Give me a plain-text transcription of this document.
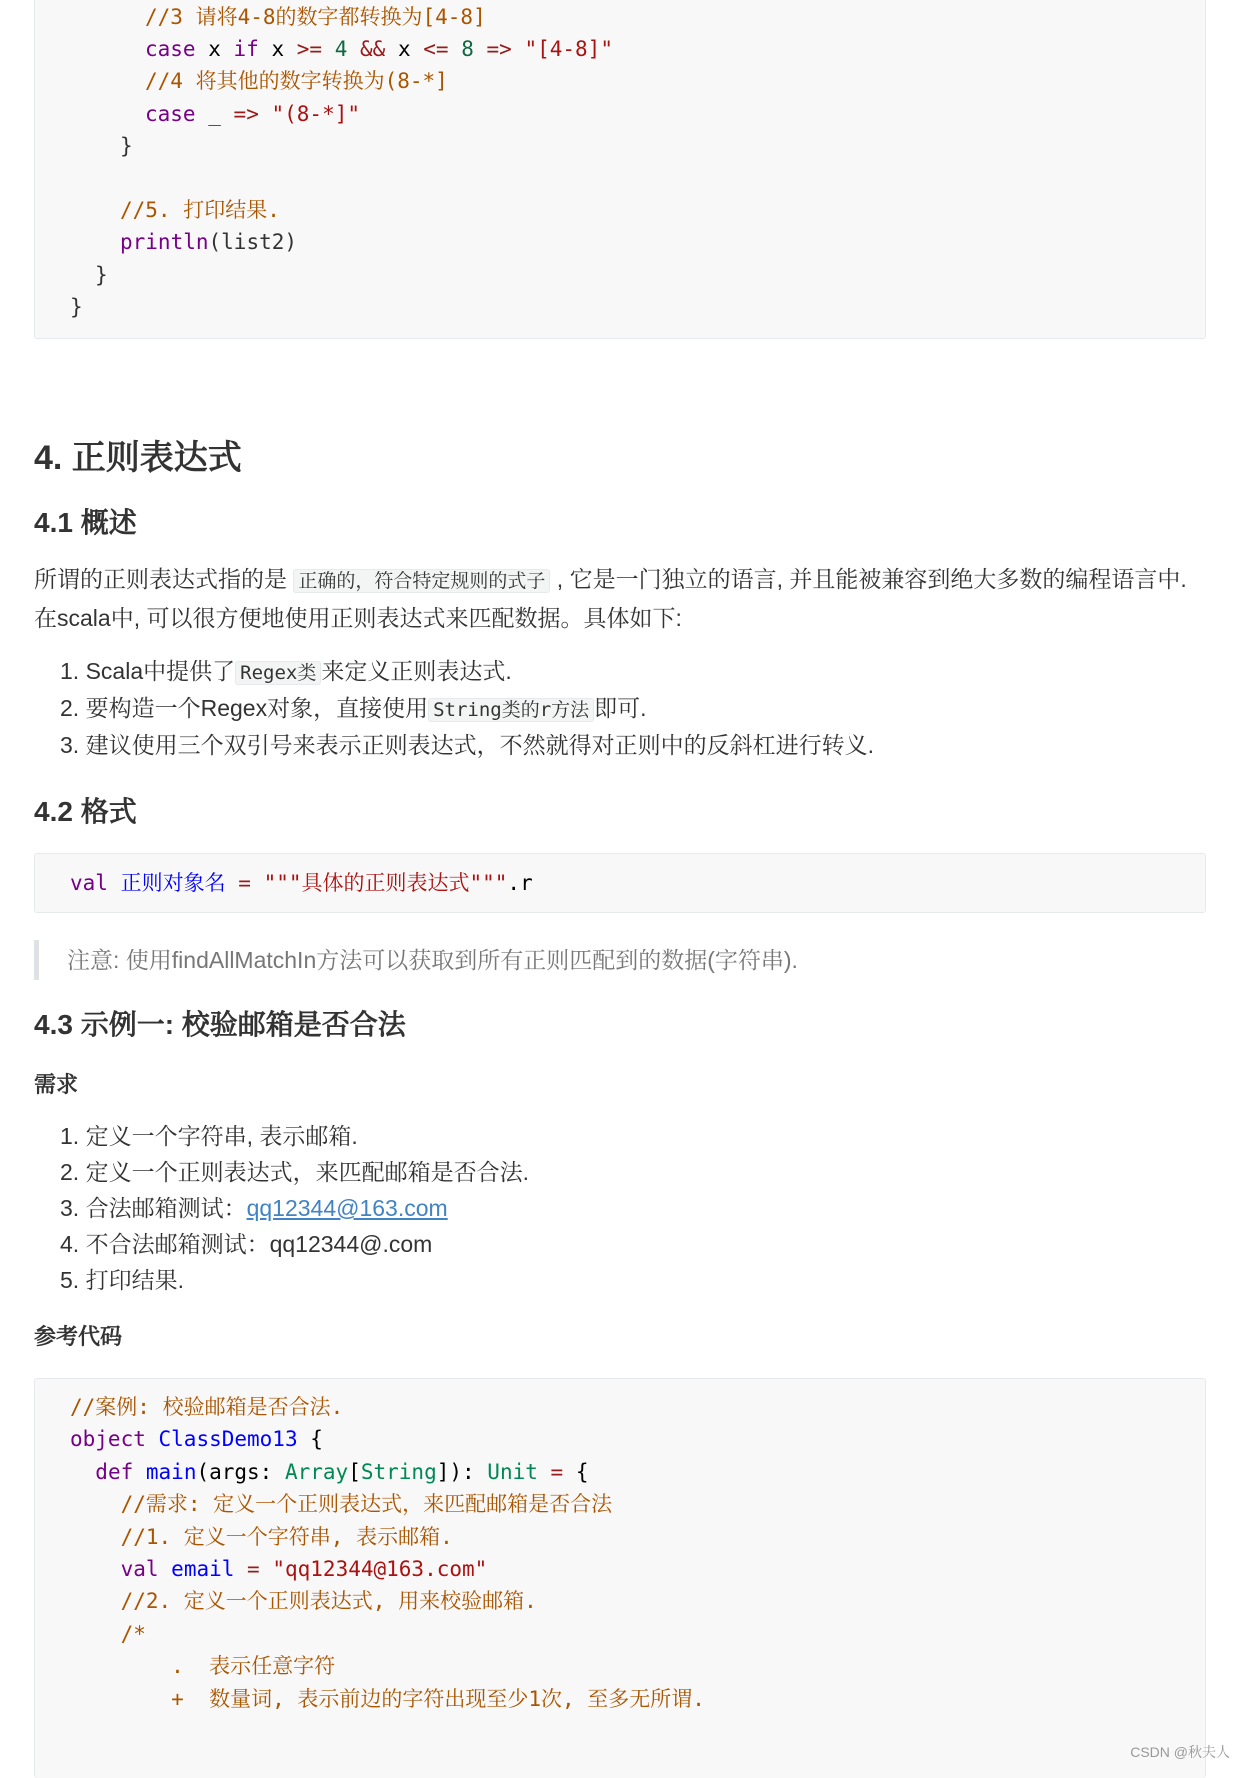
//3 请将4-8的数字都转换为[4-8]
case x if x >= 4 && x <= 8 => "[4-8]"
//4 将其他的数字转换为(8-*]
case _ => "(8-*]"
}
//5. 打印结果.
println(list2)
}
}
4. 正则表达式
4.1 概述
所谓的正则表达式指的是 正确的，符合特定规则的式子 , 它是一门独立的语言, 并且能被兼容到绝大多数的编程语言中. 在scala中, 可以很方便地使用正则表达式来匹配数据。具体如下:
1. Scala中提供了 Regex类 来定义正则表达式.
2. 要构造一个Regex对象，直接使用 String类的r方法 即可.
3. 建议使用三个双引号来表示正则表达式，不然就得对正则中的反斜杠进行转义.
4.2 格式
val 正则对象名 = """具体的正则表达式""".r
注意: 使用findAllMatchIn方法可以获取到所有正则匹配到的数据(字符串).
4.3 示例一: 校验邮箱是否合法
需求
1. 定义一个字符串, 表示邮箱.
2. 定义一个正则表达式，来匹配邮箱是否合法.
3. 合法邮箱测试：qq12344@163.com
4. 不合法邮箱测试：qq12344@.com
5. 打印结果.
参考代码
//案例: 校验邮箱是否合法.
object ClassDemo13 {
def main(args: Array[String]): Unit = {
//需求: 定义一个正则表达式，来匹配邮箱是否合法
//1. 定义一个字符串, 表示邮箱.
val email = "qq12344@163.com"
//2. 定义一个正则表达式, 用来校验邮箱.
/*
.  表示任意字符
+  数量词, 表示前边的字符出现至少1次, 至多无所谓.
CSDN @秋夫人
